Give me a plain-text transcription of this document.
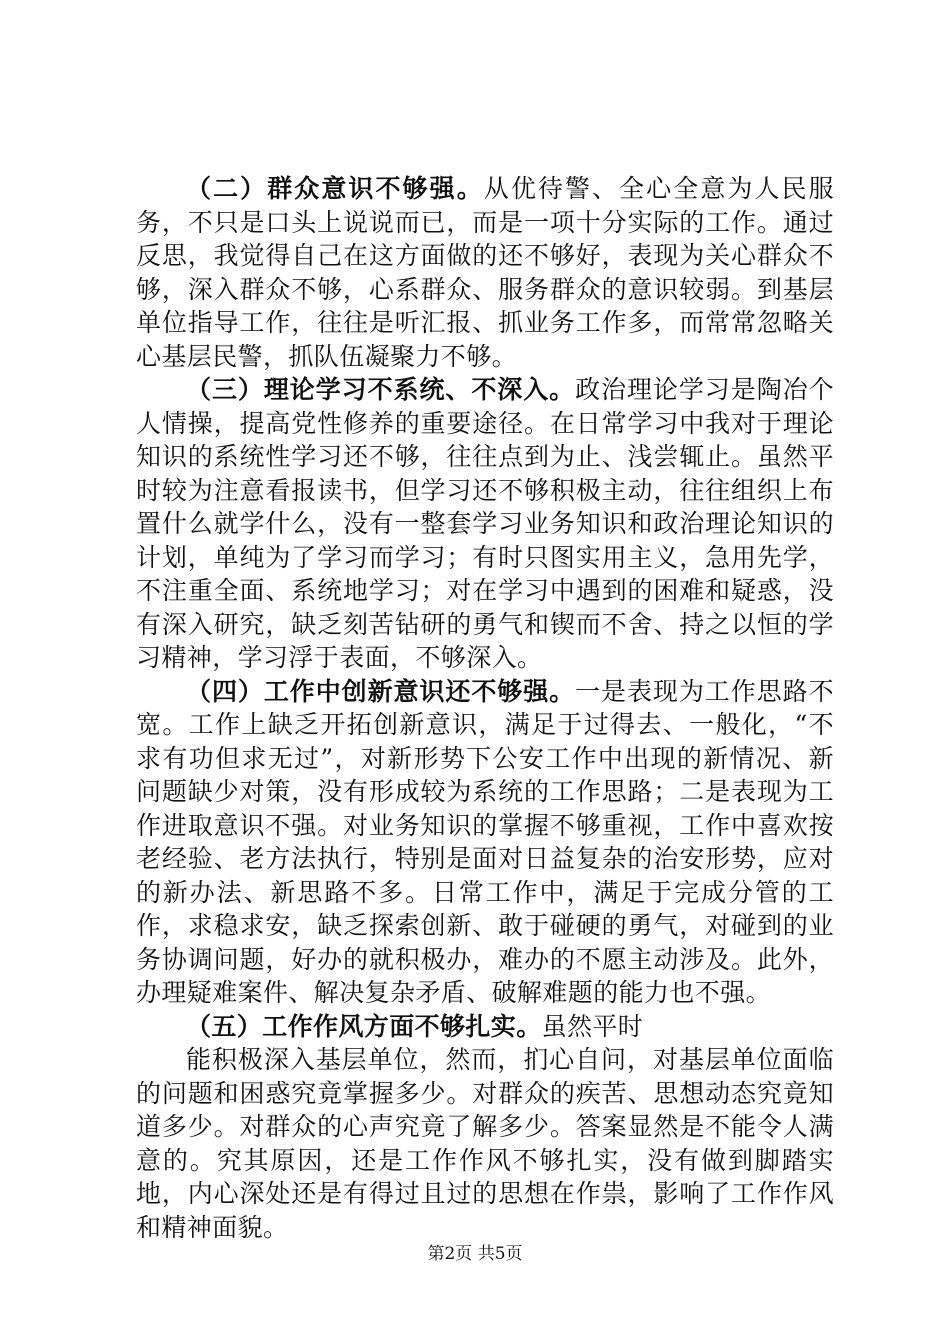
（二）群众意识不够强。从优待警、全心全意为人民服务，不只是口头上说说而已，而是一项十分实际的工作。通过反思，我觉得自己在这方面做的还不够好，表现为关心群众不够，深入群众不够，心系群众、服务群众的意识较弱。到基层单位指导工作，往往是听汇报、抓业务工作多，而常常忽略关心基层民警，抓队伍凝聚力不够。

（三）理论学习不系统、不深入。政治理论学习是陶冶个人情操，提高党性修养的重要途径。在日常学习中我对于理论知识的系统性学习还不够，往往点到为止、浅尝辄止。虽然平时较为注意看报读书，但学习还不够积极主动，往往组织上布置什么就学什么，没有一整套学习业务知识和政治理论知识的计划，单纯为了学习而学习；有时只图实用主义，急用先学，不注重全面、系统地学习；对在学习中遇到的困难和疑惑，没有深入研究，缺乏刻苦钻研的勇气和锲而不舍、持之以恒的学习精神，学习浮于表面，不够深入。

（四）工作中创新意识还不够强。一是表现为工作思路不宽。工作上缺乏开拓创新意识，满足于过得去、一般化，“不求有功但求无过”，对新形势下公安工作中出现的新情况、新问题缺少对策，没有形成较为系统的工作思路；二是表现为工作进取意识不强。对业务知识的掌握不够重视，工作中喜欢按老经验、老方法执行，特别是面对日益复杂的治安形势，应对的新办法、新思路不多。日常工作中，满足于完成分管的工作，求稳求安，缺乏探索创新、敢于碰硬的勇气，对碰到的业务协调问题，好办的就积极办，难办的不愿主动涉及。此外，办理疑难案件、解决复杂矛盾、破解难题的能力也不强。

（五）工作作风方面不够扎实。虽然平时

能积极深入基层单位，然而，扪心自问，对基层单位面临的问题和困惑究竟掌握多少。对群众的疾苦、思想动态究竟知道多少。对群众的心声究竟了解多少。答案显然是不能令人满意的。究其原因，还是工作作风不够扎实，没有做到脚踏实地，内心深处还是有得过且过的思想在作祟，影响了工作作风和精神面貌。

第2页 共5页
